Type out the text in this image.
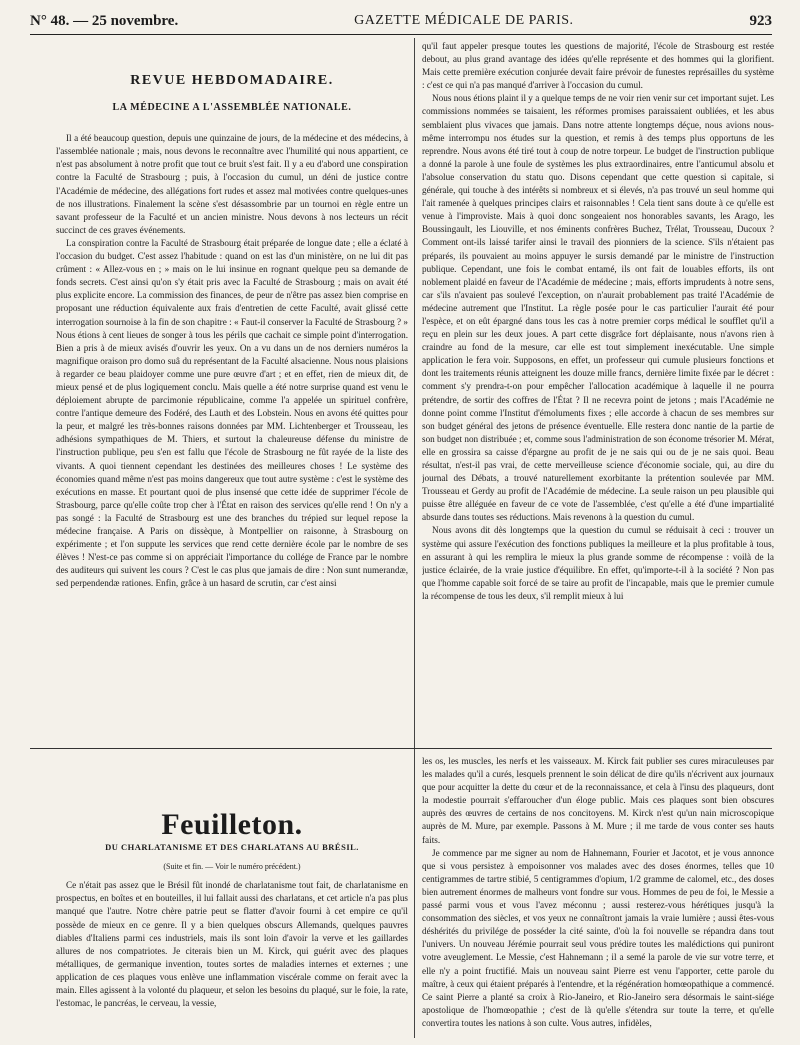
N° 48. — 25 novembre.	GAZETTE MÉDICALE DE PARIS.	923
REVUE HEBDOMADAIRE.
LA MÉDECINE A L'ASSEMBLÉE NATIONALE.

Il a été beaucoup question, depuis une quinzaine de jours, de la médecine et des médecins, à l'assemblée nationale ; mais, nous devons le reconnaître avec l'humilité qui nous appartient, ce n'est pas absolument à notre profit que tout ce bruit s'est fait. Il y a eu d'abord une conspiration contre la Faculté de Strasbourg ; puis, à l'occasion du cumul, un déni de justice contre l'Académie de médecine, des allégations fort rudes et assez mal motivées contre quelques-unes de nos illustrations. Finalement la scène s'est désassombrie par un tournoi en règle entre un savant professeur de la Faculté et un ancien ministre. Nous devons à nos lecteurs un récit succinct de ces graves événements.

La conspiration contre la Faculté de Strasbourg était préparée de longue date ; elle a éclaté à l'occasion du budget. C'est assez l'habitude : quand on est las d'un ministère, on ne lui dit pas crûment : « Allez-vous en ; » mais on le lui insinue en rognant quelque peu sa demande de fonds secrets. C'est ainsi qu'on s'y était pris avec la Faculté de Strasbourg ; mais on avait été plus explicite encore. La commission des finances, de peur de n'être pas assez bien comprise en proposant une réduction équivalente aux frais d'entretien de cette Faculté, avait glissé cette interrogation sournoise à la fin de son chapitre : « Faut-il conserver la Faculté de Strasbourg ? » Nous étions à cent lieues de songer à tous les périls que cachait ce simple point d'interrogation. Bien a pris à de mieux avisés d'ouvrir les yeux. On a vu dans un de nos derniers numéros la magnifique oraison pro domo suâ du représentant de la Faculté alsacienne. Nous nous plaisions à regarder ce beau plaidoyer comme une pure œuvre d'art ; et en effet, rien de mieux dit, de mieux pensé et de plus logiquement conclu. Mais quelle a été notre surprise quand est venu le déploiement abrupte de parcimonie républicaine, comme l'a appelée un spirituel confrère, contre l'antique demeure des Fodéré, des Lauth et des Lobstein. Nous en avons été quittes pour la peur, et malgré les très-bonnes raisons données par MM. Lichtenberger et Trousseau, les adhésions sympathiques de M. Thiers, et surtout la chaleureuse défense du ministre de l'instruction publique, peu s'en est fallu que l'école de Strasbourg ne fût rayée de la liste des vivants. A quoi tiennent cependant les destinées des meilleures choses ! Le système des économies quand même n'est pas moins dangereux que tout autre système : c'est le système des exécutions en masse. Et pourtant quoi de plus insensé que cette idée de supprimer l'école de Strasbourg, parce qu'elle coûte trop cher à l'État en raison des services qu'elle rend ! On n'y a pas songé : la Faculté de Strasbourg est une des branches du trépied sur lequel repose la médecine française. A Paris on dissèque, à Montpellier on raisonne, à Strasbourg on expérimente ; et l'on suppute les services que rend cette dernière école par le nombre de ses élèves ! N'est-ce pas comme si on appréciait l'importance du collége de France par le nombre des auditeurs qui suivent les cours ? C'est le cas plus que jamais de dire : Non sunt numerandæ, sed perpendendæ rationes. Enfin, grâce à un hasard de scrutin, car c'est ainsi

qu'il faut appeler presque toutes les questions de majorité, l'école de Strasbourg est restée debout, au plus grand avantage des idées qu'elle représente et des hommes qui la glorifient. Mais cette première exécution conjurée devait faire prévoir de funestes représailles du système : c'est ce qui n'a pas manqué d'arriver à l'occasion du cumul.

Nous nous étions plaint il y a quelque temps de ne voir rien venir sur cet important sujet. Les commissions nommées se taisaient, les réformes promises paraissaient oubliées, et les abus semblaient plus vivaces que jamais. Dans notre attente longtemps déçue, nous avions nous-même interrompu nos études sur la question, et remis à des temps plus opportuns de les reprendre. Nous avons été tiré tout à coup de notre torpeur. Le budget de l'instruction publique a donné la parole à une foule de systèmes les plus extraordinaires, entre l'anticumul absolu et l'absolue conservation du statu quo. Disons cependant que cette question si capitale, si générale, qui touche à des intérêts si nombreux et si élevés, n'a pas trouvé un seul homme qui l'ait ramenée à quelques principes clairs et raisonnables ! Cela tient sans doute à ce qu'elle est venue à l'improviste. Mais à quoi donc songeaient nos honorables savants, les Arago, les Boussingault, les Liouville, et nos éminents confrères Buchez, Trélat, Trousseau, Ducoux ? Comment ont-ils laissé tarifer ainsi le travail des pionniers de la science. S'ils n'étaient pas préparés, ils pouvaient au moins appuyer le sursis demandé par le ministre de l'instruction publique. Cependant, une fois le combat entamé, ils ont fait de louables efforts, ils ont noblement plaidé en faveur de l'Académie de médecine ; mais, efforts imprudents à notre sens, car s'ils n'avaient pas soulevé l'exception, on n'aurait probablement pas traité l'Académie de médecine autrement que l'Institut. La règle posée pour le cas particulier l'aurait été pour l'espèce, et on eût épargné dans tous les cas à notre premier corps médical le soufflet qu'il a reçu en plein sur les deux joues. A part cette disgrâce fort déplaisante, nous n'avons rien à craindre au fond de la mesure, car elle est tout simplement inexécutable. Une simple application le fera voir. Supposons, en effet, un professeur qui cumule plusieurs fonctions et dont les traitements réunis atteignent les douze mille francs, dernière limite fixée par le décret : comment s'y prendra-t-on pour empêcher l'allocation académique à laquelle il ne pourra prétendre, de sortir des coffres de l'État ? Il ne recevra point de jetons ; mais l'Académie ne donne point comme l'Institut d'émoluments fixes ; elle accorde à chacun de ses membres sur son budget général des jetons de présence éventuelle. Elle restera donc nantie de la partie de son budget non distribuée ; et, comme sous l'administration de son économe trésorier M. Mérat, elle en grossira sa caisse d'épargne au profit de je ne sais qui ou de je ne sais quoi. Beau résultat, n'est-il pas vrai, de cette merveilleuse science d'économie sociale, qui, au dire du journal des Débats, a trouvé naturellement exorbitante la prétention soulevée par MM. Trousseau et Gerdy au profit de l'Académie de médecine. La seule raison un peu plausible qui puisse être alléguée en faveur de ce vote de l'assemblée, c'est qu'elle a été d'une impartialité absurde dans toutes ses réductions. Mais revenons à la question du cumul.

Nous avons dit dès longtemps que la question du cumul se réduisait à ceci : trouver un système qui assure l'exécution des fonctions publiques la meilleure et la plus profitable à tous, en assurant à qui les remplira le mieux la plus grande somme de récompense : voilà de la justice éclairée, de la vraie justice d'équilibre. En effet, qu'importe-t-il à la société ? Non pas que l'homme capable soit forcé de se taire au profit de l'incapable, mais que le premier cumule la récompense de tous les deux, s'il remplit mieux à lui

Feuilleton.
DU CHARLATANISME ET DES CHARLATANS AU BRÉSIL.
(Suite et fin. — Voir le numéro précédent.)

Ce n'était pas assez que le Brésil fût inondé de charlatanisme tout fait, de charlatanisme en prospectus, en boîtes et en bouteilles, il lui fallait aussi des charlatans, et cet article n'a pas plus manqué que l'autre. Notre chère patrie peut se flatter d'avoir fourni à cet empire ce qu'il possède de mieux en ce genre. Il y a bien quelques obscurs Allemands, quelques pauvres diables d'Italiens parmi ces industriels, mais ils sont loin d'avoir la verve et les gaillardes allures de nos compatriotes. Je citerais bien un M. Kirck, qui guérit avec des plaques métalliques, de germanique invention, toutes sortes de maladies internes et externes ; une application de ces plaques vous enlève une inflammation viscérale comme on ferait avec la main. Elles agissent à la volonté du plaqueur, et selon les besoins du plaqué, sur le foie, la rate, l'estomac, le pancréas, le cerveau, la vessie,

les os, les muscles, les nerfs et les vaisseaux. M. Kirck fait publier ses cures miraculeuses par les malades qu'il a curés, lesquels prennent le soin délicat de dire qu'ils n'écrivent aux journaux que pour acquitter la dette du cœur et de la reconnaissance, et cela à l'insu des plaqueurs, dont la modestie pourrait s'effaroucher d'un éloge public. Mais ces plaques sont bien obscures auprès des œuvres de certains de nos concitoyens. M. Kirck n'est qu'un nain microscopique auprès de M. Mure, par exemple. Passons à M. Mure ; il me tarde de vous conter ses hauts faits.

Je commence par me signer au nom de Hahnemann, Fourier et Jacotot, et je vous annonce que si vous persistez à empoisonner vos malades avec des doses énormes, telles que 10 centigrammes de tartre stibié, 5 centigrammes d'opium, 1/2 gramme de calomel, etc., des doses bien autrement énormes de malheurs vont fondre sur vous. Hommes de peu de foi, le Messie a passé parmi vous et vous l'avez méconnu ; aussi resterez-vous hérétiques jusqu'à la consommation des siècles, et vos yeux ne connaîtront jamais la vraie lumière ; aussi êtes-vous déshérités du privilége de posséder la cité sainte, d'où la foi nouvelle se répandra dans tout l'univers. Un nouveau Jérémie pourrait seul vous prédire toutes les malédictions qui puniront votre aveuglement. Le Messie, c'est Hahnemann ; il a semé la parole de vie sur votre terre, et elle n'y a point fructifié. Mais un nouveau saint Pierre est venu l'apporter, cette parole du maître, à ceux qui étaient préparés à l'entendre, et la régénération homœopathique a commencé. Ce saint Pierre a planté sa croix à Rio-Janeiro, et Rio-Janeiro sera désormais le saint-siége apostolique de l'homœopathie ; c'est de là qu'elle s'étendra sur toute la terre, et qu'elle convertira toutes les nations à son culte. Vous autres, infidèles,
